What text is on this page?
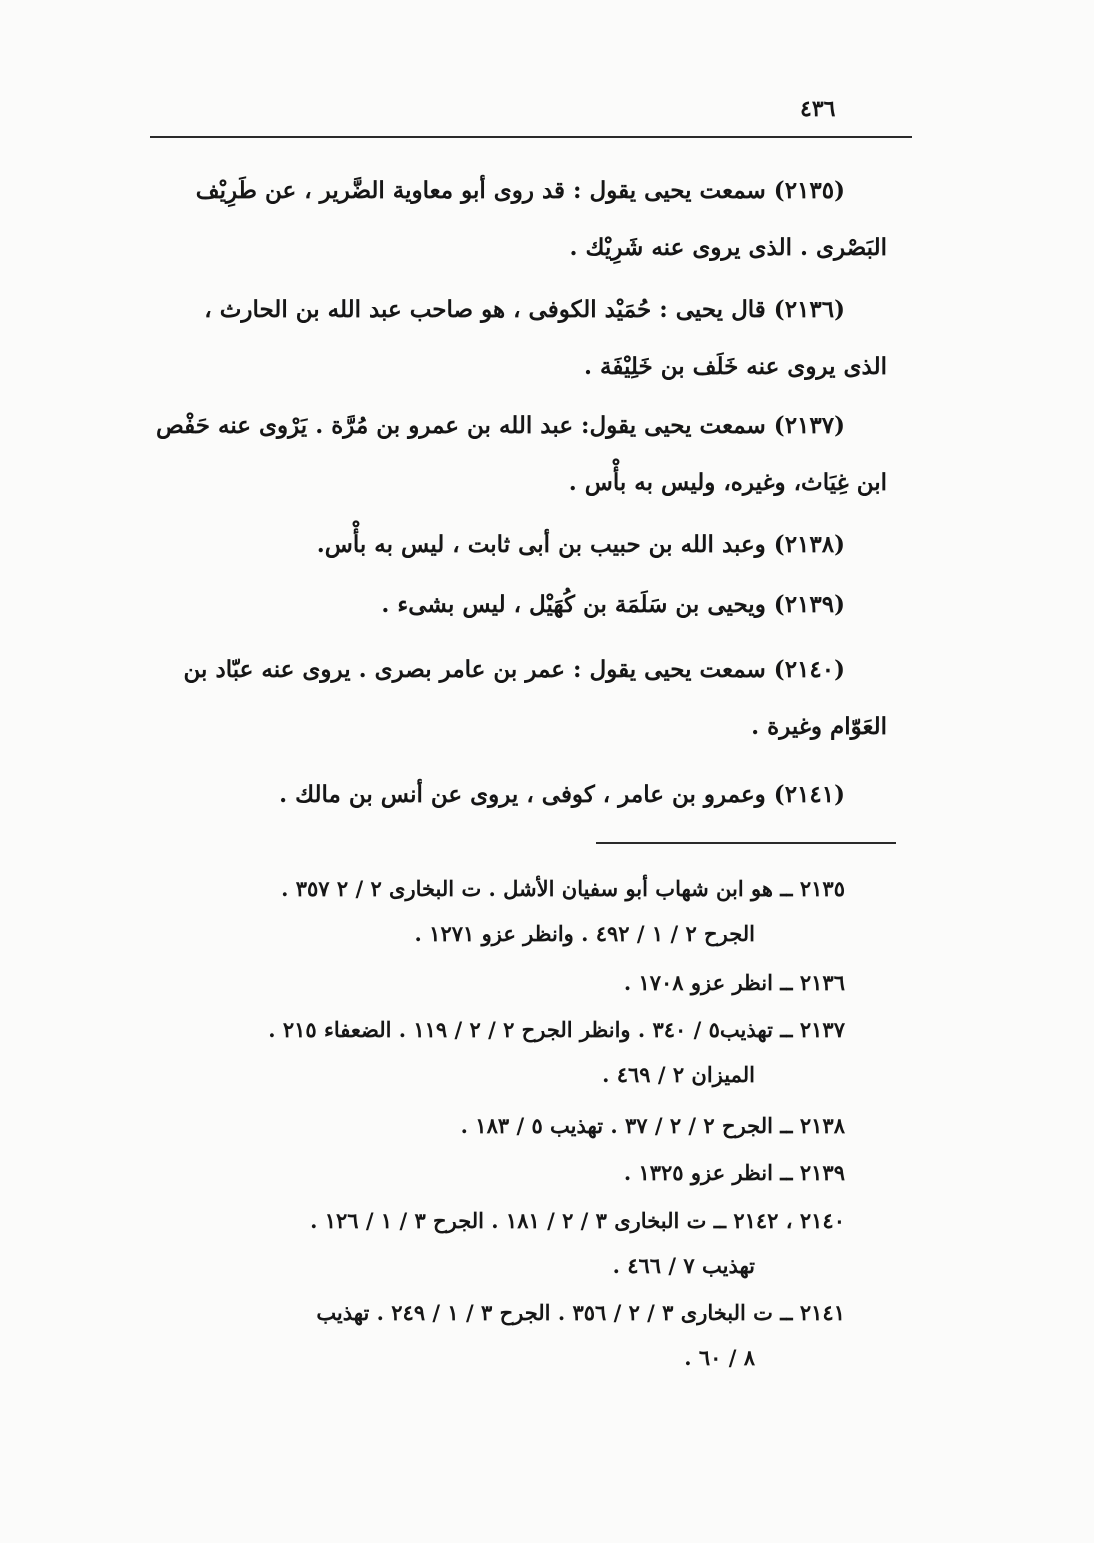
٤٣٦

(٢١٣٥) سمعت يحيى يقول : قد روى أبو معاوية الضَّرير ، عن طَرِيْف
البَصْرى . الذى يروى عنه شَرِيْك .

(٢١٣٦) قال يحيى : حُمَيْد الكوفى ، هو صاحب عبد الله بن الحارث ،
الذى يروى عنه خَلَف بن خَلِيْفَة .

(٢١٣٧) سمعت يحيى يقول: عبد الله بن عمرو بن مُرَّة . يَرْوى عنه حَفْص
ابن غِيَاث، وغيره، وليس به بأْس .

(٢١٣٨) وعبد الله بن حبيب بن أبى ثابت ، ليس به بأْس.

(٢١٣٩) ويحيى بن سَلَمَة بن كُهَيْل ، ليس بشىء .

(٢١٤٠) سمعت يحيى يقول : عمر بن عامر بصرى . يروى عنه عبّاد بن
العَوّام وغيرة .

(٢١٤١) وعمرو بن عامر ، كوفى ، يروى عن أنس بن مالك .

٢١٣٥ ــ هو ابن شهاب أبو سفيان الأشل . ت البخارى ٢ / ٢ ٣٥٧ .
الجرح ٢ / ١ / ٤٩٢ . وانظر عزو ١٢٧١ .

٢١٣٦ ــ انظر عزو ١٧٠٨ .

٢١٣٧ ــ تهذيب٥ / ٣٤٠ . وانظر الجرح ٢ / ٢ / ١١٩ . الضعفاء ٢١٥ .
الميزان ٢ / ٤٦٩ .

٢١٣٨ ــ الجرح ٢ / ٢ / ٣٧ . تهذيب ٥ / ١٨٣ .

٢١٣٩ ــ انظر عزو ١٣٢٥ .

٢١٤٠ ، ٢١٤٢ ــ ت البخارى ٣ / ٢ / ١٨١ . الجرح ٣ / ١ / ١٢٦ .
تهذيب ٧ / ٤٦٦ .

٢١٤١ ــ ت البخارى ٣ / ٢ / ٣٥٦ . الجرح ٣ / ١ / ٢٤٩ . تهذيب
٨ / ٦٠ .
